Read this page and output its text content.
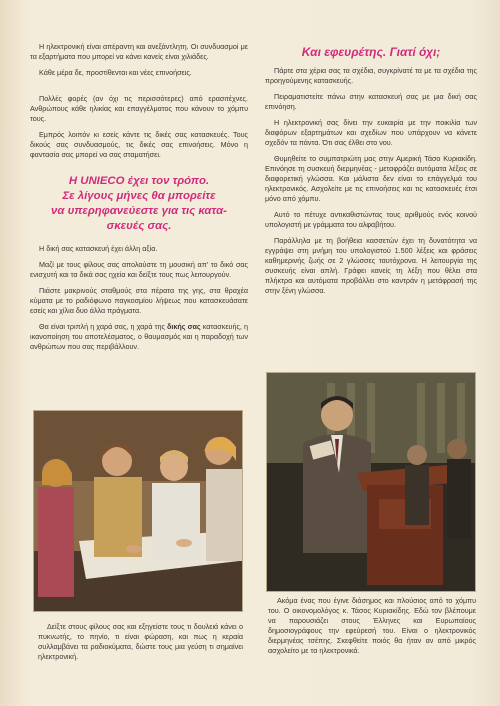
Η ηλεκτρονική είναι απέραντη και ανεξάντλητη. Οι συνδυασμοί με τα εξαρτήματα που μπορεί να κάνει κανείς είναι χιλιάδες.

Κάθε μέρα δε, προστίθενται και νέες επινοήσεις.

Πολλές φορές (αν όχι τις περισσότερες) από ερασιτέχνες. Ανθρώπους κάθε ηλικίας και επαγγέλματος που κάνουν το χόμπυ τους.

Εμπρός λοιπόν κι εσείς κάντε τις δικές σας κατασκευές. Τους δικούς σας συνδυασμούς, τις δικές σας επινοήσεις. Μόνο η φαντασία σας μπορεί να σας σταματήσει.

Η UNIECO έχει τον τρόπο.
Σε λίγους μήνες θα μπορείτε
να υπερηφανεύεστε για τις κατα-
σκευές σας.

Η δική σας κατασκευή έχει άλλη αξία.

Μαζί με τους φίλους σας απολαύστε τη μουσική απ' το δικό σας ενισχυτή και τα δικά σας ηχεία και δείξτε τους πως λειτουργούν.

Πιάστε μακρινούς σταθμούς στα πέρατα της γης, στα θραχέα κύματα με το ραδιόφωνο παγκοσμίου λήψεως που κατασκευάσατε εσείς και χίλια δυο άλλα πράγματα.

Θα είναι τριπλή η χαρά σας, η χαρά της δικής σας κατασκευής, η ικανοποίηση του αποτελέσματος, ο θαυμασμός και η παραδοχή των ανθρώπων που σας περιβάλλουν.

Δείξτε στους φίλους σας και εξηγείστε τους τι δουλειά κάνει ο πυκνωτής, το πηνίο, τι είναι φώραση, και πως η κεραία συλλαμβάνει τα ραδιοκύματα, δώστε τους μια γεύση τι σημαίνει ηλεκτρονική.

Και εφευρέτης. Γιατί όχι;

Πάρτε στα χέρια σας τα σχέδια, συγκρίνατέ τα με τα σχέδια της προηγούμενης κατασκευής.

Πειραματιστείτε πάνω στην κατασκευή σας με μια δική σας επινόηση.

Η ηλεκτρονική σας δίνει την ευκαιρία με την ποικιλία των διαφόρων εξαρτημάτων και σχεδίων που υπάρχουν να κάνετε σχεδόν τα πάντα. Ότι σας έλθει στο νου.

Θυμηθείτε το συμπατριώτη μας στην Αμερική Τάσο Κυριακίδη. Επινόησε τη συσκευή διερμηνέας - μεταφράζει αυτόματα λέξεις σε διαφορετική γλώσσα. Και μάλιστα δεν είναι το επάγγελμά του ηλεκτρονικός. Ασχολείτε με τις επινοήσεις και τις κατασκευές έτσι μόνο από χόμπυ.

Αυτό το πέτυχε αντικαθιστώντας τους αριθμούς ενός κοινού υπολογιστή με γράμματα του αλφαβήτου.

Παράλληλα με τη βοήθεια κασσετών έχει τη δυνατότητα να εγγράψει στη μνήμη του υπολογιστού 1.500 λέξεις και φράσεις καθημερινής ζωής σε 2 γλώσσες ταυτόχρονα. Η λειτουργία της συσκευής είναι απλή. Γράφει κανείς τη λέξη που θέλει στα πλήκτρα και αυτόματα προβάλλει στο καντράν η μετάφρασή της στην ξένη γλώσσα.

Ακόμα ένας που έγινε διάσημος και πλούσιος από το χόμπυ του. Ο οικονομολόγος κ. Τάσος Κυριακίδης. Εδώ τον βλέπουμε να παρουσιάζει στους Έλληνες και Ευρωπαίους δημοσιογράφους την εφεύρεσή του. Είναι ο ηλεκτρονικός διερμηνέας τσέπης. Σκεφθείτε ποιός θα ήταν αν από μικρός ασχολείτο με τα ηλεκτρονικά.
